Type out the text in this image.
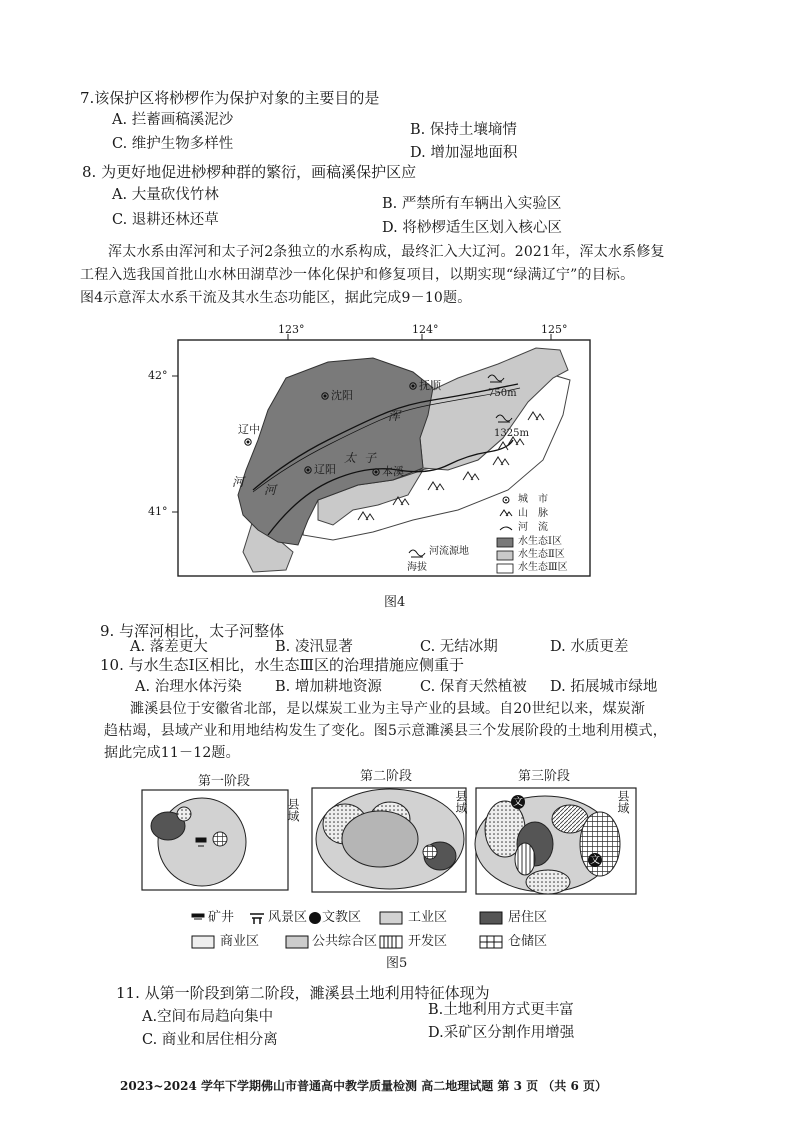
7.该保护区将桫椤作为保护对象的主要目的是
A. 拦蓄画稿溪泥沙
B. 保持土壤墒情
C. 维护生物多样性
D. 增加湿地面积
8. 为更好地促进桫椤种群的繁衍，画稿溪保护区应
A. 大量砍伐竹林
B. 严禁所有车辆出入实验区
C. 退耕还林还草	D. 将桫椤适生区划入核心区
浑太水系由浑河和太子河2条独立的水系构成，最终汇入大辽河。2021年，浑太水系修复
工程入选我国首批山水林田湖草沙一体化保护和修复项目，以期实现“绿满辽宁”的目标。
图4示意浑太水系干流及其水生态功能区，据此完成9－10题。
123°	124°	125°
42°
41°
沈阳
抚顺
辽中
辽阳	本溪
浑
太 子
河
河
750m
1325m
河流源地
海拔
城　市
山　脉
河　流
水生态Ⅰ区
水生态Ⅱ区
水生态Ⅲ区
图4
9. 与浑河相比，太子河整体
A. 落差更大	B. 凌汛显著	C. 无结冰期	D. 水质更差
10. 与水生态Ⅰ区相比，水生态Ⅲ区的治理措施应侧重于
A. 治理水体污染 B. 增加耕地资源	C. 保育天然植被 D. 拓展城市绿地
濉溪县位于安徽省北部，是以煤炭工业为主导产业的县域。自20世纪以来，煤炭渐
趋枯竭，县域产业和用地结构发生了变化。图5示意濉溪县三个发展阶段的土地利用模式，
据此完成11－12题。
第一阶段	第二阶段	第三阶段
县域	县域	县域
文
文
矿井	风景区 文教区	工业区	居住区
商业区	公共综合区 开发区	仓储区
图5
11. 从第一阶段到第二阶段，濉溪县土地利用特征体现为
B.土地利用方式更丰富
A.空间布局趋向集中
D.采矿区分割作用增强
C. 商业和居住相分离
2023~2024 学年下学期佛山市普通高中教学质量检测 高二地理试题 第 3 页 （共 6 页）
